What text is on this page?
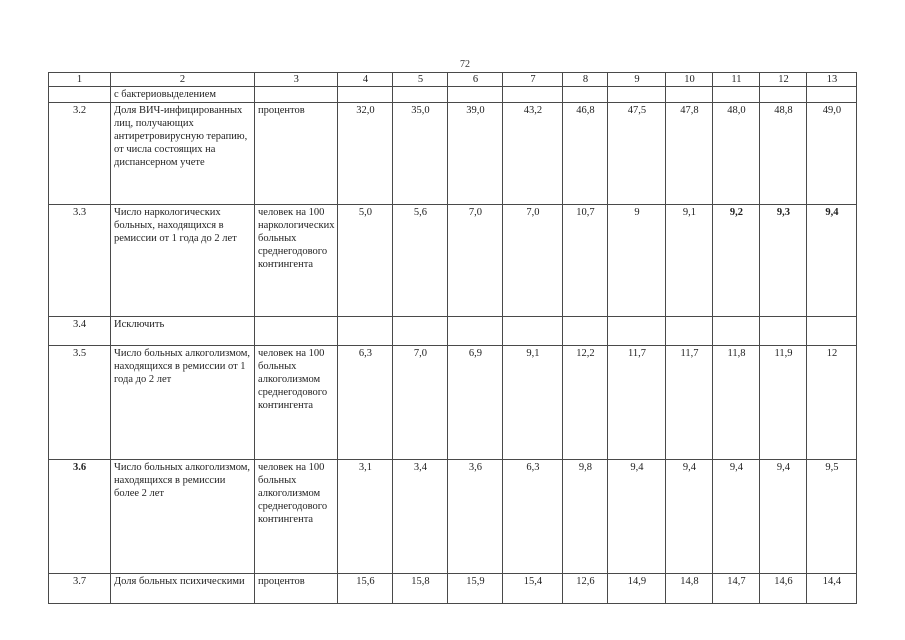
72
1	2	3	4	5	6	7	8	9	10	11	12	13
	с бактериовыделением											
3.2	Доля ВИЧ-инфицированных лиц, получающих антиретровирусную терапию, от числа состоящих на диспансерном учете	процентов	32,0	35,0	39,0	43,2	46,8	47,5	47,8	48,0	48,8	49,0
3.3	Число наркологических больных, находящихся в ремиссии от 1 года до 2 лет	человек на 100 наркологических больных среднегодового контингента	5,0	5,6	7,0	7,0	10,7	9	9,1	9,2	9,3	9,4
3.4	Исключить											
3.5	Число больных алкоголизмом, находящихся в ремиссии от 1 года до 2 лет	человек на 100 больных алкоголизмом среднегодового контингента	6,3	7,0	6,9	9,1	12,2	11,7	11,7	11,8	11,9	12
3.6	Число больных алкоголизмом, находящихся в ремиссии более 2 лет	человек на 100 больных алкоголизмом среднегодового контингента	3,1	3,4	3,6	6,3	9,8	9,4	9,4	9,4	9,4	9,5
3.7	Доля больных психическими	процентов	15,6	15,8	15,9	15,4	12,6	14,9	14,8	14,7	14,6	14,4
